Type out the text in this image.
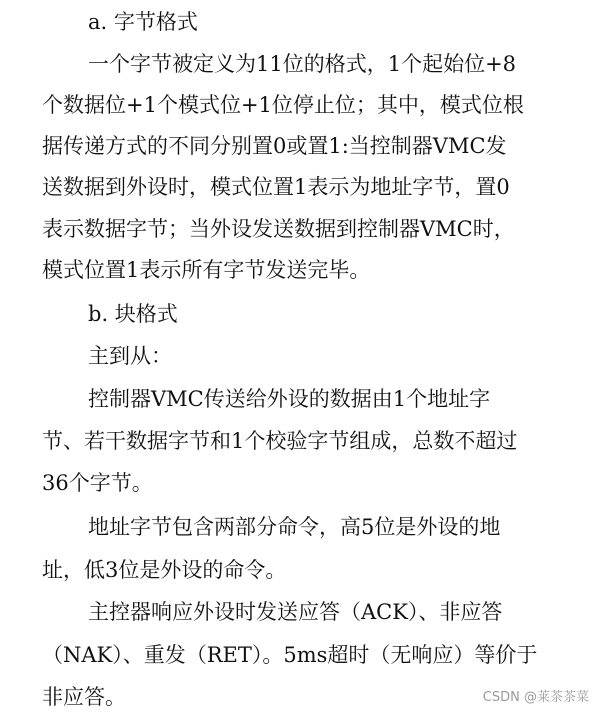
a. 字节格式
一个字节被定义为11位的格式，1个起始位+8
个数据位+1个模式位+1位停止位；其中，模式位根
据传递方式的不同分别置0或置1:当控制器VMC发
送数据到外设时，模式位置1表示为地址字节，置0
表示数据字节；当外设发送数据到控制器VMC时，
模式位置1表示所有字节发送完毕。
b. 块格式
主到从：
控制器VMC传送给外设的数据由1个地址字
节、若干数据字节和1个校验字节组成，总数不超过
36个字节。
地址字节包含两部分命令，高5位是外设的地
址，低3位是外设的命令。
主控器响应外设时发送应答（ACK）、非应答
（NAK）、重发（RET）。5ms超时（无响应）等价于
非应答。	CSDN @莱茶茶菜
